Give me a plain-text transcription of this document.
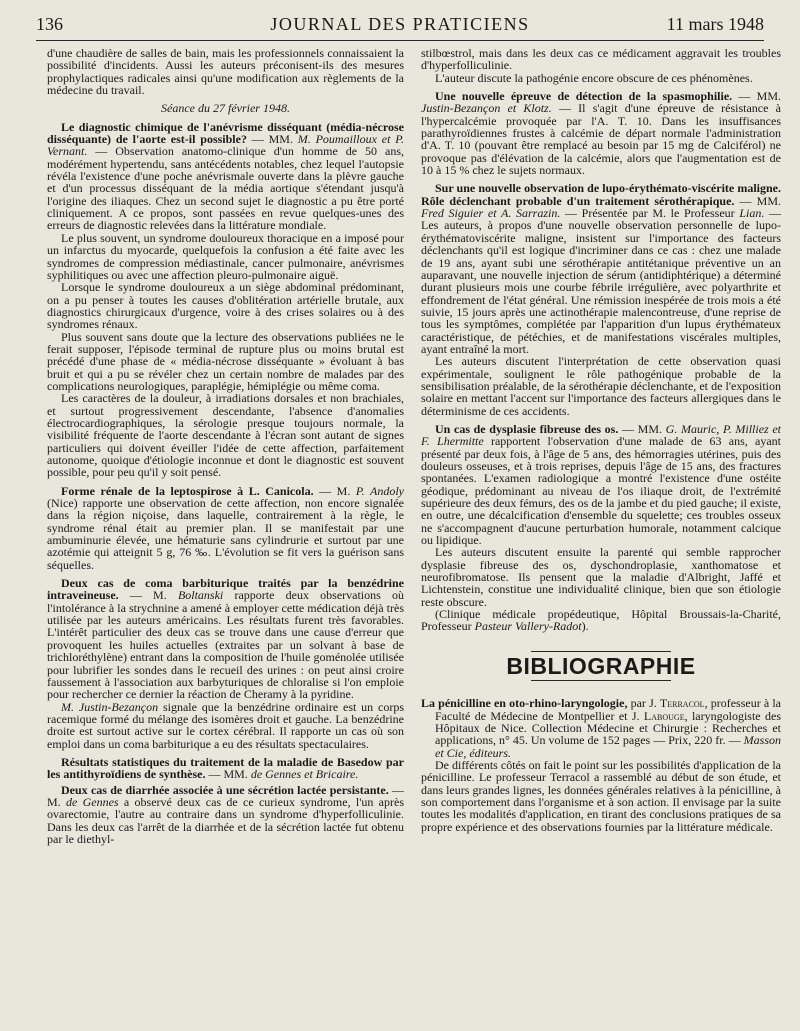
136	JOURNAL DES PRATICIENS	11 mars 1948

d'une chaudière de salles de bain, mais les professionnels connaissaient la possibilité d'incidents. Aussi les auteurs préconisent-ils des mesures prophylactiques radicales ainsi qu'une modification aux règlements de la médecine du travail.

Séance du 27 février 1948.

Le diagnostic chimique de l'anévrisme disséquant (média-nécrose disséquante) de l'aorte est-il possible? — MM. M. Poumailloux et P. Vernant. — Observation anatomo-clinique d'un homme de 50 ans, modérément hypertendu, sans antécédents notables, chez lequel l'autopsie révéla l'existence d'une poche anévrismale ouverte dans la plèvre gauche et d'un processus disséquant de la média aortique s'étendant jusqu'à l'origine des iliaques. Chez un second sujet le diagnostic a pu être porté cliniquement. A ce propos, sont passées en revue quelques-unes des erreurs de diagnostic relevées dans la littérature mondiale.

Le plus souvent, un syndrome douloureux thoracique en a imposé pour un infarctus du myocarde, quelquefois la confusion a été faite avec les syndromes de compression médiastinale, cancer pulmonaire, anévrismes syphilitiques ou avec une affection pleuro-pulmonaire aiguë.

Lorsque le syndrome douloureux a un siège abdominal prédominant, on a pu penser à toutes les causes d'oblitération artérielle brutale, aux diagnostics chirurgicaux d'urgence, voire à des crises solaires ou à des syndromes rénaux.

Plus souvent sans doute que la lecture des observations publiées ne le ferait supposer, l'épisode terminal de rupture plus ou moins brutal est précédé d'une phase de « média-nécrose disséquante » évoluant à bas bruit et qui a pu se révéler chez un certain nombre de malades par des complications neurologiques, paraplégie, hémiplégie ou même coma.

Les caractères de la douleur, à irradiations dorsales et non brachiales, et surtout progressivement descendante, l'absence d'anomalies électrocardiographiques, la sérologie presque toujours normale, la visibilité fréquente de l'aorte descendante à l'écran sont autant de signes particuliers qui doivent éveiller l'idée de cette affection, parfaitement autonome, quoique d'étiologie inconnue et dont le diagnostic est souvent possible, pour peu qu'il y soit pensé.

Forme rénale de la leptospirose à L. Canicola. — M. P. Andoly (Nice) rapporte une observation de cette affection, non encore signalée dans la région niçoise, dans laquelle, contrairement à la règle, le syndrome rénal était au premier plan. Il se manifestait par une ambuminurie élevée, une hématurie sans cylindrurie et surtout par une azotémie qui atteignit 5 g, 76 ‰. L'évolution se fit vers la guérison sans séquelles.

Deux cas de coma barbiturique traités par la benzédrine intraveineuse. — M. Boltanski rapporte deux observations où l'intolérance à la strychnine a amené à employer cette médication déjà très utilisée par les auteurs américains. Les résultats furent très favorables. L'intérêt particulier des deux cas se trouve dans une cause d'erreur que provoquent les huiles actuelles (extraites par un solvant à base de trichloréthylène) entrant dans la composition de l'huile goménolée utilisée pour lubrifier les sondes dans le recueil des urines : on peut ainsi croire faussement à l'association aux barbyturiques de chloralise si l'on emploie pour rechercher ce dernier la réaction de Cheramy à la pyridine.

M. Justin-Bezançon signale que la benzédrine ordinaire est un corps racemique formé du mélange des isomères droit et gauche. La benzédrine droite est surtout active sur le cortex cérébral. Il rapporte un cas où son emploi dans un coma barbiturique a eu des résultats spectaculaires.

Résultats statistiques du traitement de la maladie de Basedow par les antithyroïdiens de synthèse. — MM. de Gennes et Bricaire.

Deux cas de diarrhée associée à une sécrétion lactée persistante. — M. de Gennes a observé deux cas de ce curieux syndrome, l'un après ovarectomie, l'autre au contraire dans un syndrome d'hyperfolliculinie. Dans les deux cas l'arrêt de la diarrhée et de la sécrétion lactée fut obtenu par le diethyl-

stilbœstrol, mais dans les deux cas ce médicament aggravait les troubles d'hyperfolliculinie.

L'auteur discute la pathogénie encore obscure de ces phénomènes.

Une nouvelle épreuve de détection de la spasmophilie. — MM. Justin-Bezançon et Klotz. — Il s'agit d'une épreuve de résistance à l'hypercalcémie provoquée par l'A. T. 10. Dans les insuffisances parathyroïdiennes frustes à calcémie de départ normale l'administration d'A. T. 10 (pouvant être remplacé au besoin par 15 mg de Calciférol) ne provoque pas d'élévation de la calcémie, alors que l'augmentation est de 10 à 15 % chez le sujets normaux.

Sur une nouvelle observation de lupo-érythémato-viscérite maligne. Rôle déclenchant probable d'un traitement sérothérapique. — MM. Fred Siguier et A. Sarrazin. — Présentée par M. le Professeur Lian. — Les auteurs, à propos d'une nouvelle observation personnelle de lupo-érythématoviscérite maligne, insistent sur l'importance des facteurs déclenchants qu'il est logique d'incriminer dans ce cas : chez une malade de 19 ans, ayant subi une sérothérapie antitétanique préventive un an auparavant, une nouvelle injection de sérum (antidiphtérique) a déterminé durant plusieurs mois une courbe fébrile irrégulière, avec polyarthrite et effondrement de l'état général. Une rémission inespérée de trois mois a été suivie, 15 jours après une actinothérapie malencontreuse, d'une reprise de tous les symptômes, complétée par l'apparition d'un lupus érythémateux caractéristique, de pétéchies, et de manifestations viscérales multiples, ayant entraîné la mort.

Les auteurs discutent l'interprétation de cette observation quasi expérimentale, soulignent le rôle pathogénique probable de la sensibilisation préalable, de la sérothérapie déclenchante, et de l'exposition solaire en mettant l'accent sur l'importance des facteurs allergiques dans le déterminisme de ces accidents.

Un cas de dysplasie fibreuse des os. — MM. G. Mauric, P. Milliez et F. Lhermitte rapportent l'observation d'une malade de 63 ans, ayant présenté par deux fois, à l'âge de 5 ans, des hémorragies utérines, puis des douleurs osseuses, et à trois reprises, depuis l'âge de 15 ans, des fractures spontanées. L'examen radiologique a montré l'existence d'une ostéite géodique, prédominant au niveau de l'os iliaque droit, de l'extrémité supérieure des deux fémurs, des os de la jambe et du pied gauche; il existe, en outre, une décalcification d'ensemble du squelette; ces troubles osseux ne s'accompagnent d'aucune perturbation humorale, notamment calcique ou lipidique.

Les auteurs discutent ensuite la parenté qui semble rapprocher dysplasie fibreuse des os, dyschondroplasie, xanthomatose et neurofibromatose. Ils pensent que la maladie d'Albright, Jaffé et Lichtenstein, constitue une individualité clinique, bien que son étiologie reste obscure.

(Clinique médicale propédeutique, Hôpital Broussais-la-Charité, Professeur Pasteur Vallery-Radot).

BIBLIOGRAPHIE

La pénicilline en oto-rhino-laryngologie, par J. Terracol, professeur à la Faculté de Médecine de Montpellier et J. Labouge, laryngologiste des Hôpitaux de Nice. Collection Médecine et Chirurgie : Recherches et applications, n° 45. Un volume de 152 pages — Prix, 220 fr. — Masson et Cie, éditeurs.

De différents côtés on fait le point sur les possibilités d'application de la pénicilline. Le professeur Terracol a rassemblé au début de son étude, et dans leurs grandes lignes, les données générales relatives à la pénicilline, à son comportement dans l'organisme et à son action. Il envisage par la suite toutes les modalités d'application, en tirant des conclusions pratiques de sa propre expérience et des observations fournies par la littérature médicale.
